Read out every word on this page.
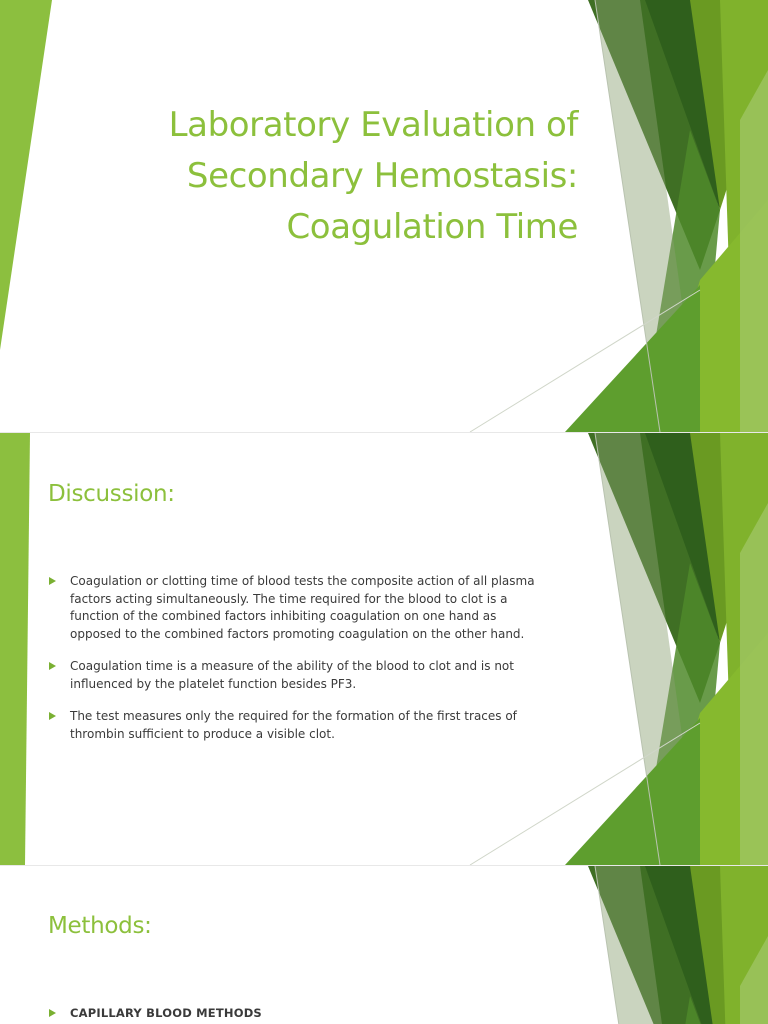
Laboratory Evaluation of
Secondary Hemostasis:
Coagulation Time
Discussion:
Coagulation or clotting time of blood tests the composite action of all plasma factors acting simultaneously. The time required for the blood to clot is a function of the combined factors inhibiting coagulation on one hand as opposed to the combined factors promoting coagulation on the other hand.
Coagulation time is a measure of the ability of the blood to clot and is not influenced by the platelet function besides PF3.
The test measures only the required for the formation of the first traces of thrombin sufficient to produce a visible clot.
Methods:
CAPILLARY BLOOD METHODS
